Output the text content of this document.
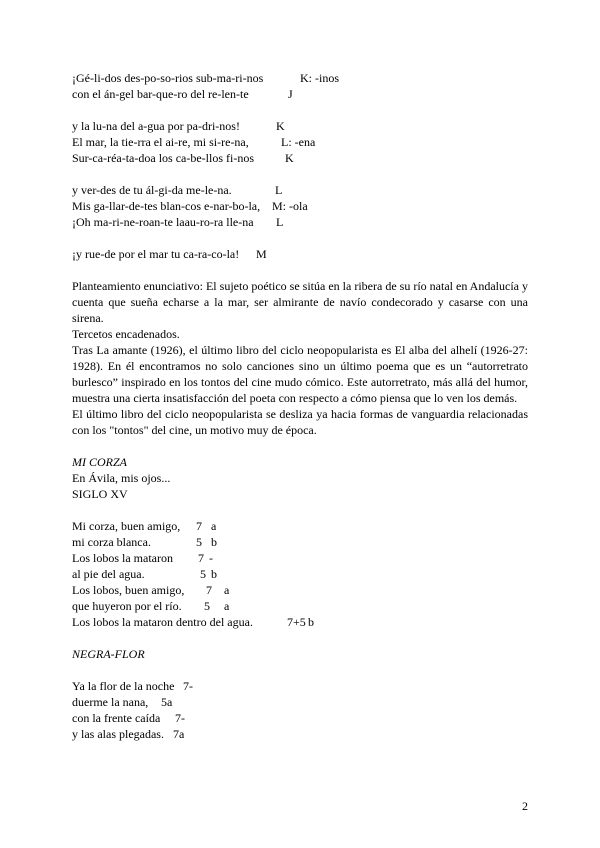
¡Gé-li-dos des-po-so-rios sub-ma-ri-nos	K: -inos
con el án-gel bar-que-ro del re-len-te	J
y la lu-na del a-gua por pa-dri-nos!	K
El mar, la tie-rra el ai-re, mi si-re-na,	L: -ena
Sur-ca-réa-ta-doa los ca-be-llos fi-nos	K
y ver-des de tu ál-gi-da me-le-na.	L
Mis ga-llar-de-tes blan-cos e-nar-bo-la, M: -ola
¡Oh ma-ri-ne-roan-te laau-ro-ra lle-na L
¡y rue-de por el mar tu ca-ra-co-la! M

Planteamiento enunciativo: El sujeto poético se sitúa en la ribera de su río natal en Andalucía y cuenta que sueña echarse a la mar, ser almirante de navío condecorado y casarse con una sirena.

Tercetos encadenados.

Tras La amante (1926), el último libro del ciclo neopopularista es El alba del alhelí (1926-27: 1928). En él encontramos no solo canciones sino un último poema que es un “autorretrato burlesco” inspirado en los tontos del cine mudo cómico. Este autorretrato, más allá del humor, muestra una cierta insatisfacción del poeta con respecto a cómo piensa que lo ven los demás.

El último libro del ciclo neopopularista se desliza ya hacia formas de vanguardia relacionadas con los "tontos" del cine, un motivo muy de época.

MI CORZA
En Ávila, mis ojos...
SIGLO XV
Mi corza, buen amigo, 7 a
mi corza blanca.	5 b
Los lobos la mataron 7 -
al pie del agua.	5 b
Los lobos, buen amigo, 7 a
que huyeron por el río. 5 a
Los lobos la mataron dentro del agua.	7+5 b
NEGRA-FLOR
Ya la flor de la noche 7-
duerme la nana, 5a
con la frente caída 7-
y las alas plegadas. 7a
2
